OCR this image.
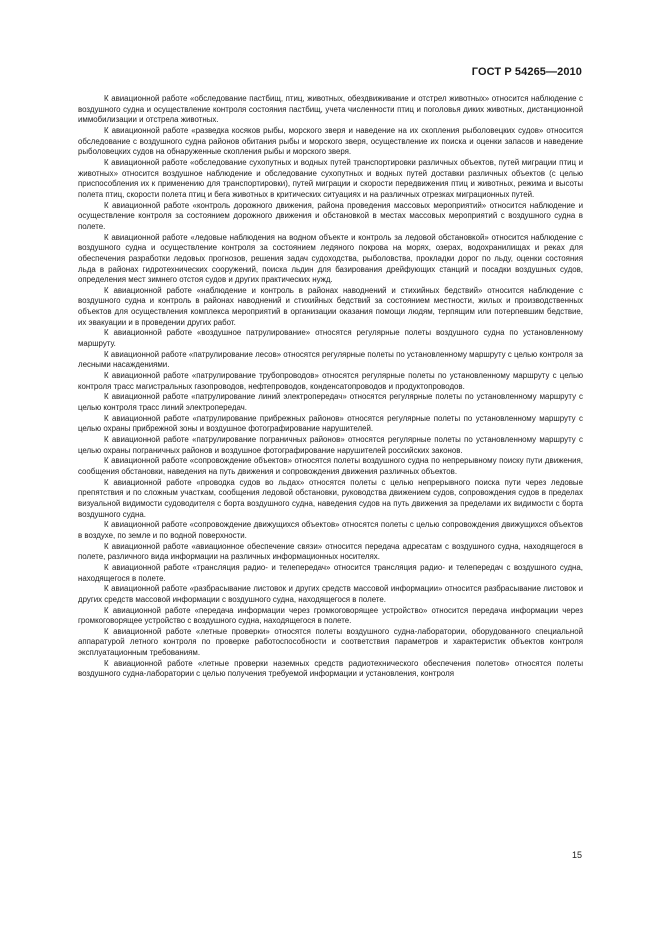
ГОСТ Р 54265—2010

К авиационной работе «обследование пастбищ, птиц, животных, обездвиживание и отстрел животных» относится наблюдение с воздушного судна и осуществление контроля состояния пастбищ, учета численности птиц и поголовья диких животных, дистанционной иммобилизации и отстрела животных.

К авиационной работе «разведка косяков рыбы, морского зверя и наведение на их скопления рыболовецких судов» относится обследование с воздушного судна районов обитания рыбы и морского зверя, осуществление их поиска и оценки запасов и наведение рыболовецких судов на обнаруженные скопления рыбы и морского зверя.

К авиационной работе «обследование сухопутных и водных путей транспортировки различных объектов, путей миграции птиц и животных» относится воздушное наблюдение и обследование сухопутных и водных путей доставки различных объектов (с целью приспособления их к применению для транспортировки), путей миграции и скорости передвижения птиц и животных, режима и высоты полета птиц, скорости полета птиц и бега животных в критических ситуациях и на различных отрезках миграционных путей.

К авиационной работе «контроль дорожного движения, района проведения массовых мероприятий» относится наблюдение и осуществление контроля за состоянием дорожного движения и обстановкой в местах массовых мероприятий с воздушного судна в полете.

К авиационной работе «ледовые наблюдения на водном объекте и контроль за ледовой обстановкой» относится наблюдение с воздушного судна и осуществление контроля за состоянием ледяного покрова на морях, озерах, водохранилищах и реках для обеспечения разработки ледовых прогнозов, решения задач судоходства, рыболовства, прокладки дорог по льду, оценки состояния льда в районах гидротехнических сооружений, поиска льдин для базирования дрейфующих станций и посадки воздушных судов, определения мест зимнего отстоя судов и других практических нужд.

К авиационной работе «наблюдение и контроль в районах наводнений и стихийных бедствий» относится наблюдение с воздушного судна и контроль в районах наводнений и стихийных бедствий за состоянием местности, жилых и производственных объектов для осуществления комплекса мероприятий в организации оказания помощи людям, терпящим или потерпевшим бедствие, их эвакуации и в проведении других работ.

К авиационной работе «воздушное патрулирование» относятся регулярные полеты воздушного судна по установленному маршруту.

К авиационной работе «патрулирование лесов» относятся регулярные полеты по установленному маршруту с целью контроля за лесными насаждениями.

К авиационной работе «патрулирование трубопроводов» относятся регулярные полеты по установленному маршруту с целью контроля трасс магистральных газопроводов, нефтепроводов, конденсатопроводов и продуктопроводов.

К авиационной работе «патрулирование линий электропередач» относятся регулярные полеты по установленному маршруту с целью контроля трасс линий электропередач.

К авиационной работе «патрулирование прибрежных районов» относятся регулярные полеты по установленному маршруту с целью охраны прибрежной зоны и воздушное фотографирование нарушителей.

К авиационной работе «патрулирование пограничных районов» относятся регулярные полеты по установленному маршруту с целью охраны пограничных районов и воздушное фотографирование нарушителей российских законов.

К авиационной работе «сопровождение объектов» относятся полеты воздушного судна по непрерывному поиску пути движения, сообщения обстановки, наведения на путь движения и сопровождения движения различных объектов.

К авиационной работе «проводка судов во льдах» относятся полеты с целью непрерывного поиска пути через ледовые препятствия и по сложным участкам, сообщения ледовой обстановки, руководства движением судов, сопровождения судов в пределах визуальной видимости судоводителя с борта воздушного судна, наведения судов на путь движения за пределами их видимости с борта воздушного судна.

К авиационной работе «сопровождение движущихся объектов» относятся полеты с целью сопровождения движущихся объектов в воздухе, по земле и по водной поверхности.

К авиационной работе «авиационное обеспечение связи» относится передача адресатам с воздушного судна, находящегося в полете, различного вида информации на различных информационных носителях.

К авиационной работе «трансляция радио- и телепередач» относится трансляция радио- и телепередач с воздушного судна, находящегося в полете.

К авиационной работе «разбрасывание листовок и других средств массовой информации» относится разбрасывание листовок и других средств массовой информации с воздушного судна, находящегося в полете.

К авиационной работе «передача информации через громкоговорящее устройство» относится передача информации через громкоговорящее устройство с воздушного судна, находящегося в полете.

К авиационной работе «летные проверки» относятся полеты воздушного судна-лаборатории, оборудованного специальной аппаратурой летного контроля по проверке работоспособности и соответствия параметров и характеристик объектов контроля эксплуатационным требованиям.

К авиационной работе «летные проверки наземных средств радиотехнического обеспечения полетов» относятся полеты воздушного судна-лаборатории с целью получения требуемой информации и установления, контроля

15
